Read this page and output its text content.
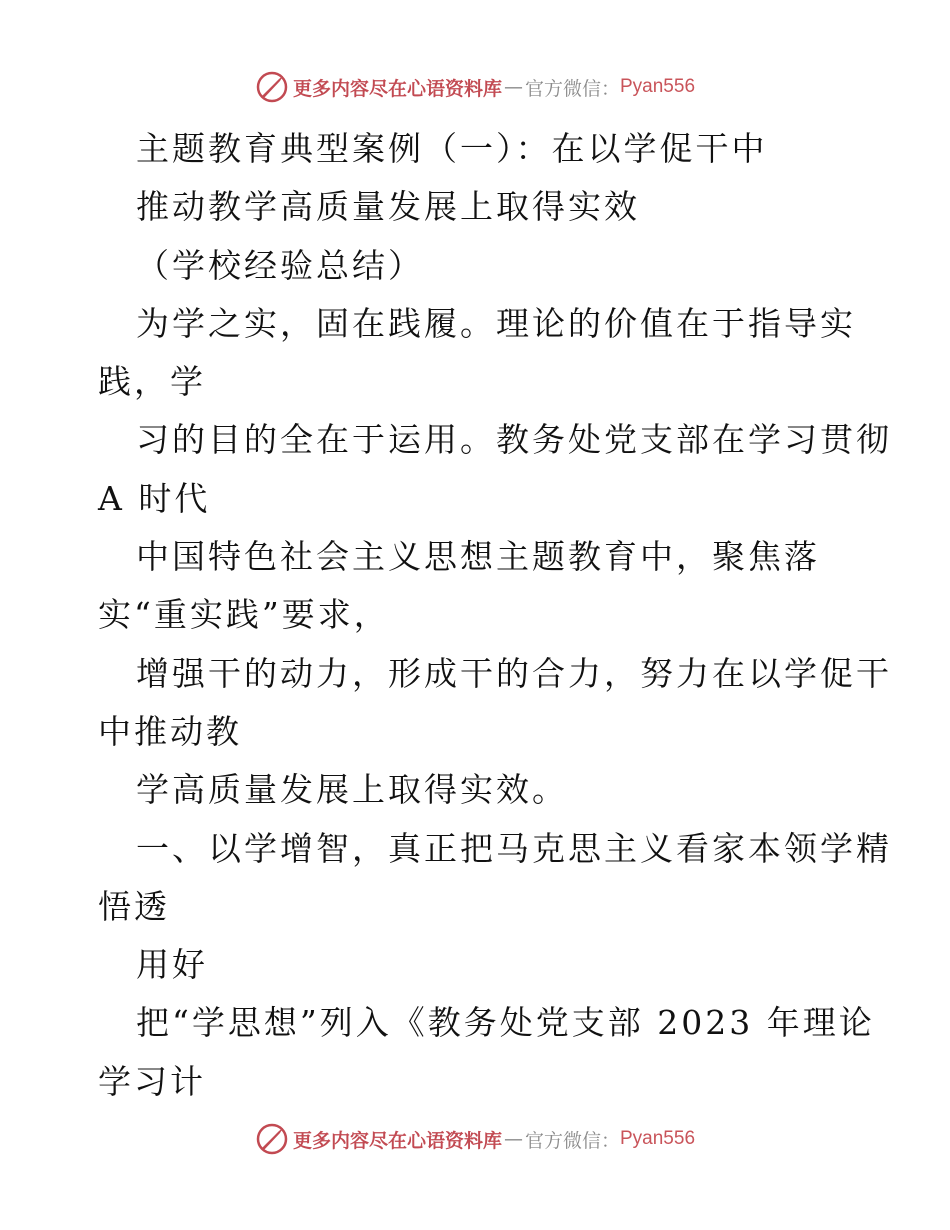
更多内容尽在心语资料库 — 官方微信： Pyan556
主题教育典型案例（一）：在以学促干中
推动教学高质量发展上取得实效
（学校经验总结）
为学之实，固在践履。理论的价值在于指导实
践，学
习的目的全在于运用。教务处党支部在学习贯彻
A 时代
中国特色社会主义思想主题教育中，聚焦落
实“重实践”要求，
增强干的动力，形成干的合力，努力在以学促干
中推动教
学高质量发展上取得实效。
一、以学增智，真正把马克思主义看家本领学精
悟透
用好
把“学思想”列入《教务处党支部 2023 年理论
学习计
更多内容尽在心语资料库 — 官方微信： Pyan556
